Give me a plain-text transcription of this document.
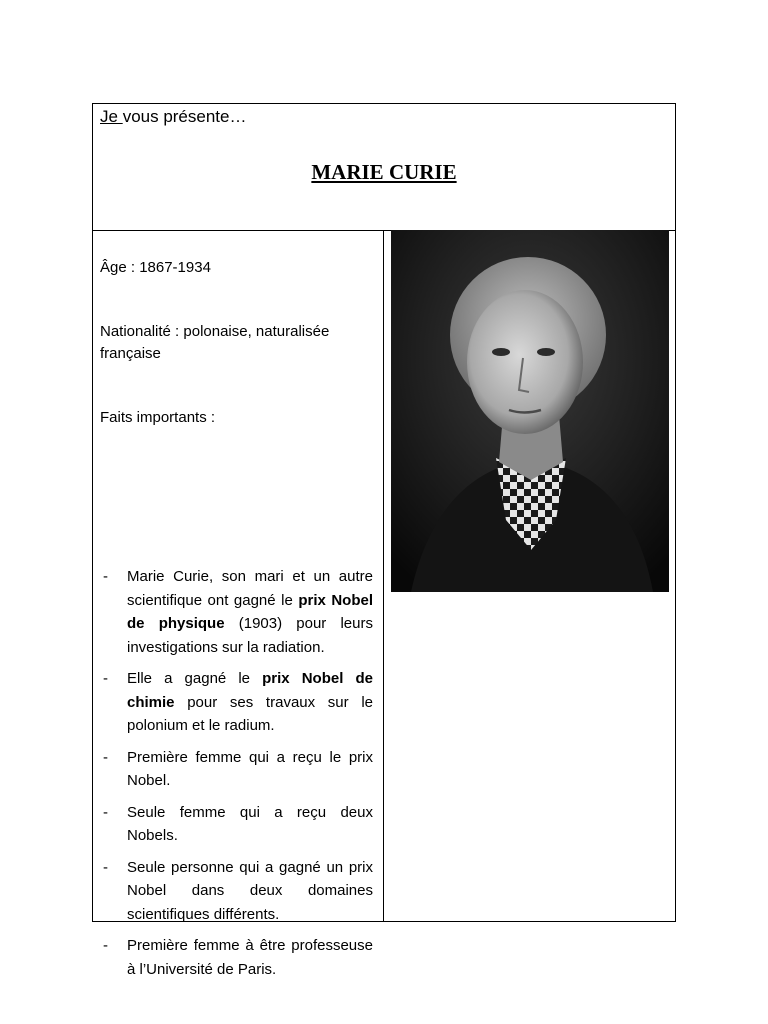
Je vous présente…

MARIE CURIE

Âge : 1867-1934

Nationalité : polonaise, naturalisée

française

Faits importants :

- Marie Curie, son mari et un autre scientifique ont gagné le prix Nobel de physique (1903) pour leurs investigations sur la radiation.
- Elle a gagné le prix Nobel de chimie pour ses travaux sur le polonium et le radium.
- Première femme qui a reçu le prix Nobel.
- Seule femme qui a reçu deux Nobels.
- Seule personne qui a gagné un prix Nobel dans deux domaines scientifiques différents.
- Première femme à être professeuse à l’Université de Paris.
